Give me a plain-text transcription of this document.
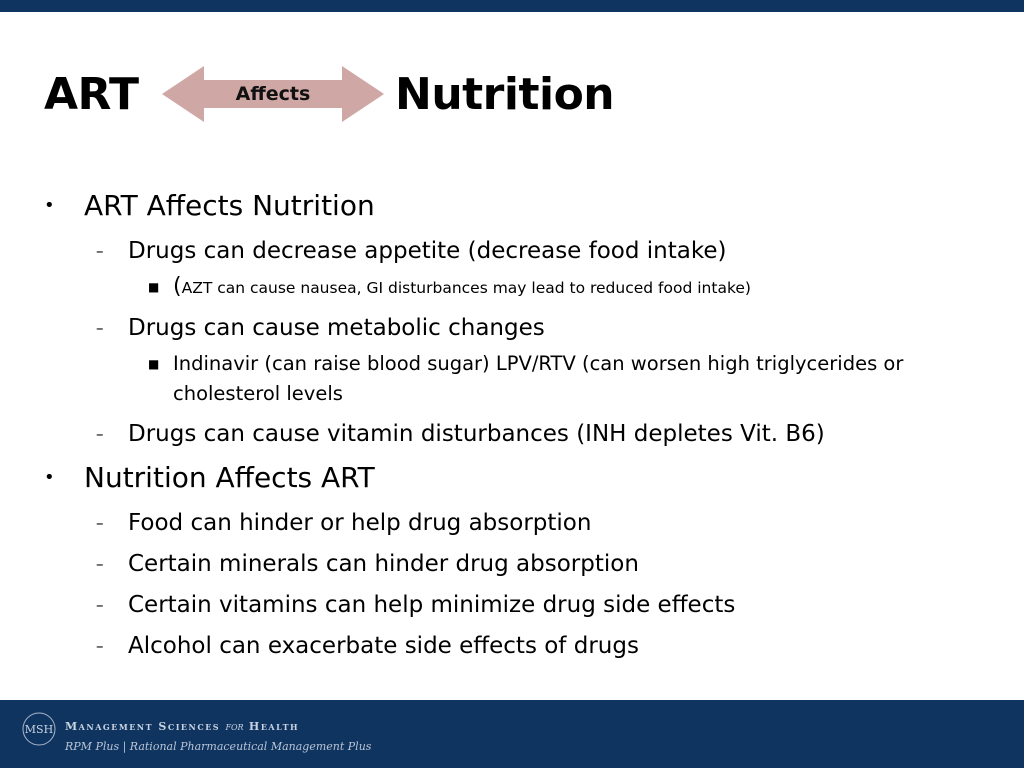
ART	Affects	Nutrition
• ART Affects Nutrition
– Drugs can decrease appetite (decrease food intake)
■ (AZT can cause nausea, GI disturbances may lead to reduced food intake)
– Drugs can cause metabolic changes
■ Indinavir (can raise blood sugar) LPV/RTV (can worsen high triglycerides or cholesterol levels
– Drugs can cause vitamin disturbances (INH depletes Vit. B6)
• Nutrition Affects ART
– Food can hinder or help drug absorption
– Certain minerals can hinder drug absorption
– Certain vitamins can help minimize drug side effects
– Alcohol can exacerbate side effects of drugs
MSH Management Sciences for Health
RPM Plus | Rational Pharmaceutical Management Plus
